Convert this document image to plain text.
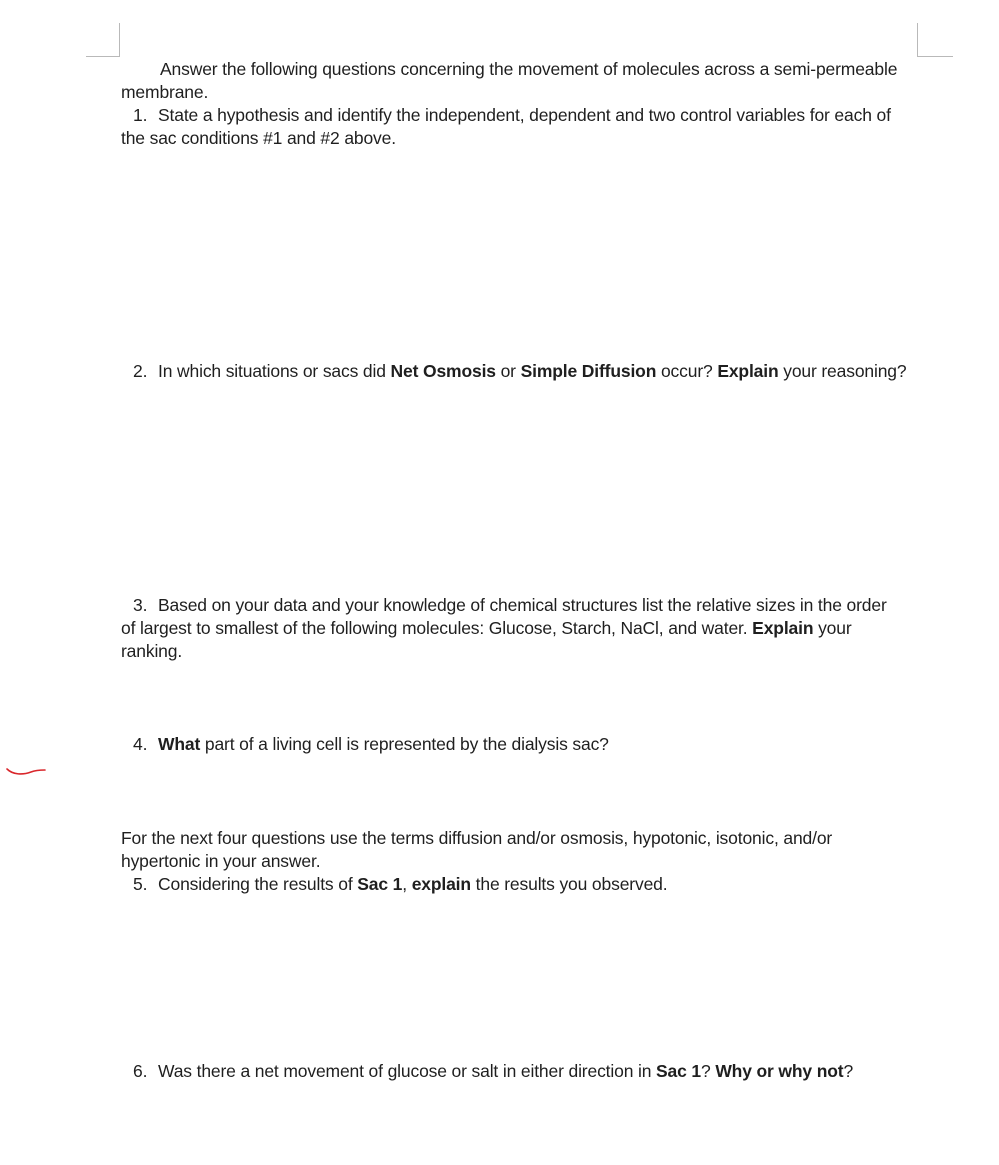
Answer the following questions concerning the movement of molecules across a semi-permeable
membrane.
1. State a hypothesis and identify the independent, dependent and two control variables for each of
the sac conditions #1 and #2 above.
2. In which situations or sacs did Net Osmosis or Simple Diffusion occur? Explain your reasoning?
3. Based on your data and your knowledge of chemical structures list the relative sizes in the order
of largest to smallest of the following molecules: Glucose, Starch, NaCl, and water. Explain your
ranking.
4. What part of a living cell is represented by the dialysis sac?
For the next four questions use the terms diffusion and/or osmosis, hypotonic, isotonic, and/or
hypertonic in your answer.
5. Considering the results of Sac 1, explain the results you observed.
6. Was there a net movement of glucose or salt in either direction in Sac 1? Why or why not?
